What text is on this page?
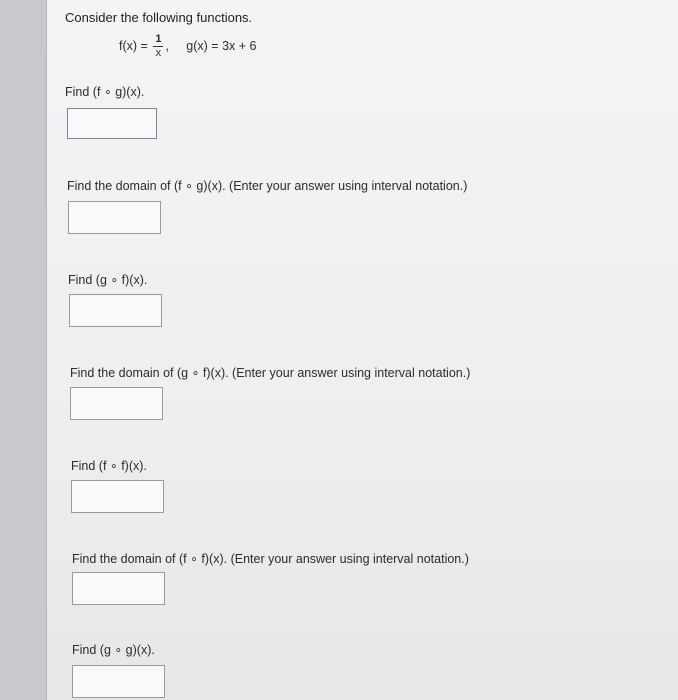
Consider the following functions.
$f(x) = \frac{1}{x}$ , g(x) = 3x + 6
Find (f ∘ g)(x).
Find the domain of (f ∘ g)(x). (Enter your answer using interval notation.)
Find (g ∘ f)(x).
Find the domain of (g ∘ f)(x). (Enter your answer using interval notation.)
Find (f ∘ f)(x).
Find the domain of (f ∘ f)(x). (Enter your answer using interval notation.)
Find (g ∘ g)(x).
